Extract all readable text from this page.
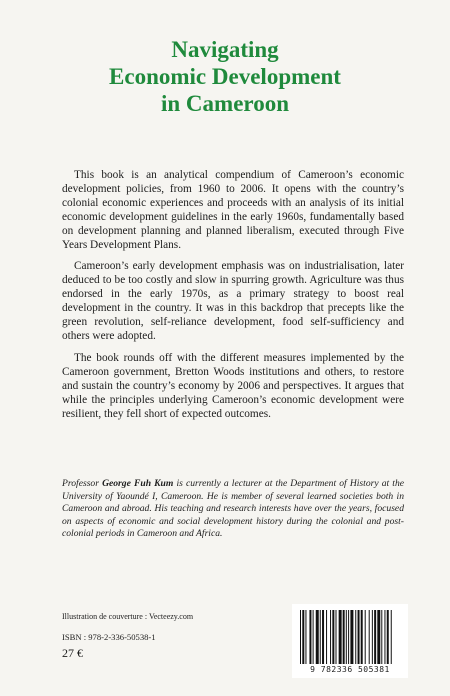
Navigating
Economic Development
in Cameroon

This book is an analytical compendium of Cameroon’s economic development policies, from 1960 to 2006. It opens with the country’s colonial economic experiences and proceeds with an analysis of its initial economic development guidelines in the early 1960s, fundamentally based on development planning and planned liberalism, executed through Five Years Development Plans.

Cameroon’s early development emphasis was on industrialisation, later deduced to be too costly and slow in spurring growth. Agriculture was thus endorsed in the early 1970s, as a primary strategy to boost real development in the country. It was in this backdrop that precepts like the green revolution, self-reliance development, food self-sufficiency and others were adopted.

The book rounds off with the different measures implemented by the Cameroon government, Bretton Woods institutions and others, to restore and sustain the country’s economy by 2006 and perspectives. It argues that while the principles underlying Cameroon’s economic development were resilient, they fell short of expected outcomes.

Professor George Fuh Kum is currently a lecturer at the Department of History at the University of Yaoundé I, Cameroon. He is member of several learned societies both in Cameroon and abroad. His teaching and research interests have over the years, focused on aspects of economic and social development history during the colonial and post-colonial periods in Cameroon and Africa.
Illustration de couverture : Vecteezy.com
ISBN : 978-2-336-50538-1
27 €
9 782336 505381
